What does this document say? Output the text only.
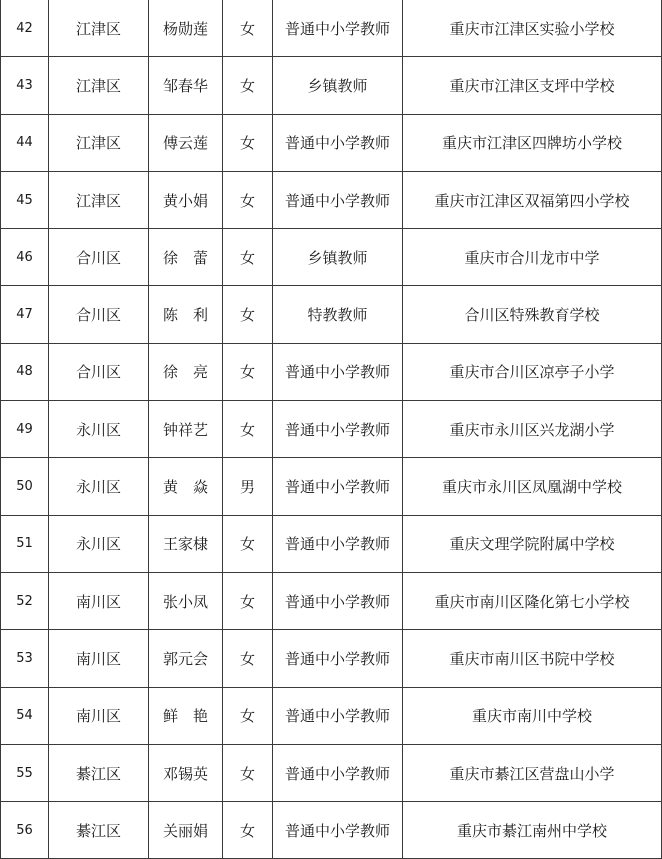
42	江津区	杨勋莲	女	普通中小学教师	重庆市江津区实验小学校
43	江津区	邹春华	女	乡镇教师	重庆市江津区支坪中学校
44	江津区	傅云莲	女	普通中小学教师	重庆市江津区四牌坊小学校
45	江津区	黄小娟	女	普通中小学教师	重庆市江津区双福第四小学校
46	合川区	徐　蕾	女	乡镇教师	重庆市合川龙市中学
47	合川区	陈　利	女	特教教师	合川区特殊教育学校
48	合川区	徐　亮	女	普通中小学教师	重庆市合川区凉亭子小学
49	永川区	钟祥艺	女	普通中小学教师	重庆市永川区兴龙湖小学
50	永川区	黄　焱	男	普通中小学教师	重庆市永川区凤凰湖中学校
51	永川区	王家棣	女	普通中小学教师	重庆文理学院附属中学校
52	南川区	张小凤	女	普通中小学教师	重庆市南川区隆化第七小学校
53	南川区	郭元会	女	普通中小学教师	重庆市南川区书院中学校
54	南川区	鲜　艳	女	普通中小学教师	重庆市南川中学校
55	綦江区	邓锡英	女	普通中小学教师	重庆市綦江区营盘山小学
56	綦江区	关丽娟	女	普通中小学教师	重庆市綦江南州中学校
